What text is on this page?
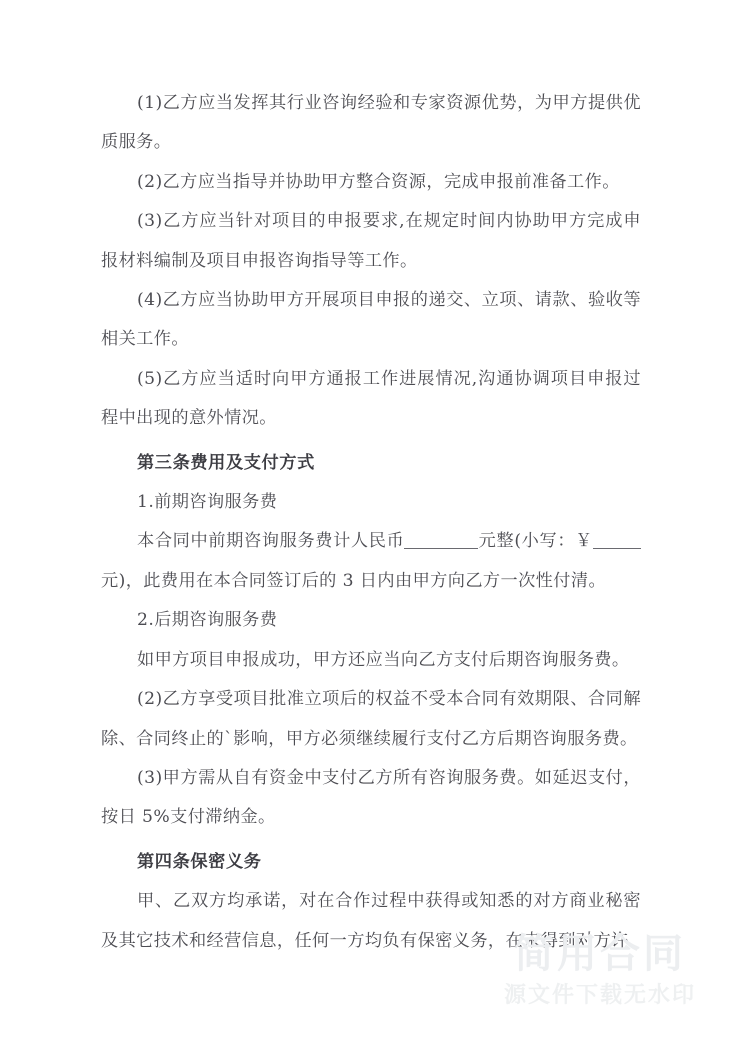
(1)乙方应当发挥其行业咨询经验和专家资源优势，为甲方提供优质服务。

(2)乙方应当指导并协助甲方整合资源，完成申报前准备工作。

(3)乙方应当针对项目的申报要求,在规定时间内协助甲方完成申报材料编制及项目申报咨询指导等工作。

(4)乙方应当协助甲方开展项目申报的递交、立项、请款、验收等相关工作。

(5)乙方应当适时向甲方通报工作进展情况,沟通协调项目申报过程中出现的意外情况。

第三条费用及支付方式

1.前期咨询服务费

本合同中前期咨询服务费计人民币	元整(小写：￥元)，此费用在本合同签订后的 3 日内由甲方向乙方一次性付清。

2.后期咨询服务费

如甲方项目申报成功，甲方还应当向乙方支付后期咨询服务费。

(2)乙方享受项目批准立项后的权益不受本合同有效期限、合同解除、合同终止的`影响，甲方必须继续履行支付乙方后期咨询服务费。

(3)甲方需从自有资金中支付乙方所有咨询服务费。如延迟支付，按日 5%支付滞纳金。

第四条保密义务

甲、乙双方均承诺，对在合作过程中获得或知悉的对方商业秘密及其它技术和经营信息，任何一方均负有保密义务，在未得到对方许

简用合同
源文件下载无水印
